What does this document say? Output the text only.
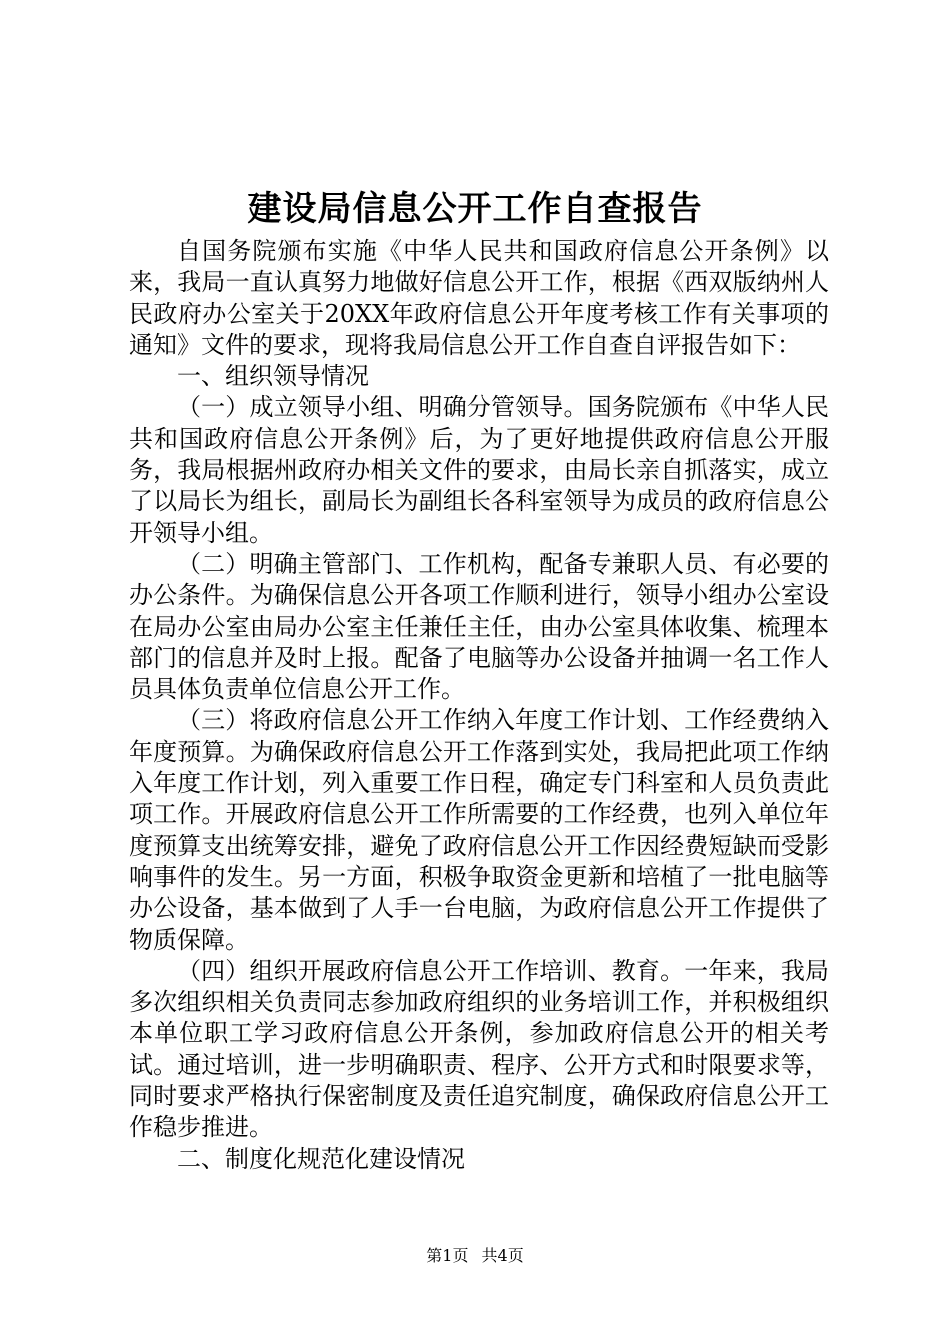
建设局信息公开工作自查报告

自国务院颁布实施《中华人民共和国政府信息公开条例》以来，我局一直认真努力地做好信息公开工作，根据《西双版纳州人民政府办公室关于20XX年政府信息公开年度考核工作有关事项的通知》文件的要求，现将我局信息公开工作自查自评报告如下：

一、组织领导情况

（一）成立领导小组、明确分管领导。国务院颁布《中华人民共和国政府信息公开条例》后，为了更好地提供政府信息公开服务，我局根据州政府办相关文件的要求，由局长亲自抓落实，成立了以局长为组长，副局长为副组长各科室领导为成员的政府信息公开领导小组。

（二）明确主管部门、工作机构，配备专兼职人员、有必要的办公条件。为确保信息公开各项工作顺利进行，领导小组办公室设在局办公室由局办公室主任兼任主任，由办公室具体收集、梳理本部门的信息并及时上报。配备了电脑等办公设备并抽调一名工作人员具体负责单位信息公开工作。

（三）将政府信息公开工作纳入年度工作计划、工作经费纳入年度预算。为确保政府信息公开工作落到实处，我局把此项工作纳入年度工作计划，列入重要工作日程，确定专门科室和人员负责此项工作。开展政府信息公开工作所需要的工作经费，也列入单位年度预算支出统筹安排，避免了政府信息公开工作因经费短缺而受影响事件的发生。另一方面，积极争取资金更新和培植了一批电脑等办公设备，基本做到了人手一台电脑，为政府信息公开工作提供了物质保障。

（四）组织开展政府信息公开工作培训、教育。一年来，我局多次组织相关负责同志参加政府组织的业务培训工作，并积极组织本单位职工学习政府信息公开条例，参加政府信息公开的相关考试。通过培训，进一步明确职责、程序、公开方式和时限要求等，同时要求严格执行保密制度及责任追究制度，确保政府信息公开工作稳步推进。

二、制度化规范化建设情况

第1页 共4页
